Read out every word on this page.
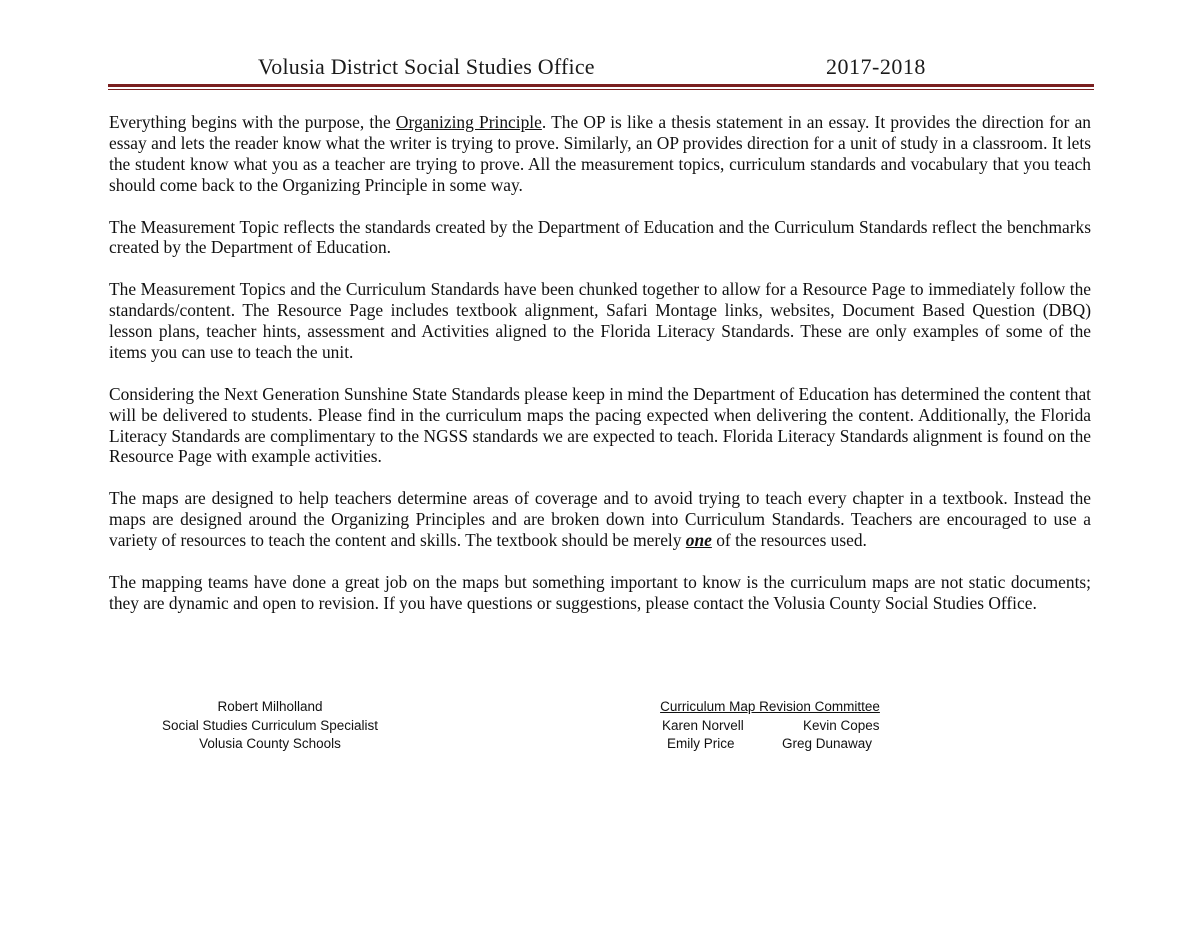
Volusia District Social Studies Office	2017-2018

Everything begins with the purpose, the Organizing Principle. The OP is like a thesis statement in an essay. It provides the direction for an essay and lets the reader know what the writer is trying to prove. Similarly, an OP provides direction for a unit of study in a classroom. It lets the student know what you as a teacher are trying to prove. All the measurement topics, curriculum standards and vocabulary that you teach should come back to the Organizing Principle in some way.

The Measurement Topic reflects the standards created by the Department of Education and the Curriculum Standards reflect the benchmarks created by the Department of Education.

The Measurement Topics and the Curriculum Standards have been chunked together to allow for a Resource Page to immediately follow the standards/content. The Resource Page includes textbook alignment, Safari Montage links, websites, Document Based Question (DBQ) lesson plans, teacher hints, assessment and Activities aligned to the Florida Literacy Standards. These are only examples of some of the items you can use to teach the unit.

Considering the Next Generation Sunshine State Standards please keep in mind the Department of Education has determined the content that will be delivered to students. Please find in the curriculum maps the pacing expected when delivering the content. Additionally, the Florida Literacy Standards are complimentary to the NGSS standards we are expected to teach. Florida Literacy Standards alignment is found on the Resource Page with example activities.

The maps are designed to help teachers determine areas of coverage and to avoid trying to teach every chapter in a textbook. Instead the maps are designed around the Organizing Principles and are broken down into Curriculum Standards. Teachers are encouraged to use a variety of resources to teach the content and skills. The textbook should be merely one of the resources used.

The mapping teams have done a great job on the maps but something important to know is the curriculum maps are not static documents; they are dynamic and open to revision. If you have questions or suggestions, please contact the Volusia County Social Studies Office.

Robert Milholland
Social Studies Curriculum Specialist
Volusia County Schools
Curriculum Map Revision Committee
Karen Norvell	Kevin Copes
Emily Price	Greg Dunaway
